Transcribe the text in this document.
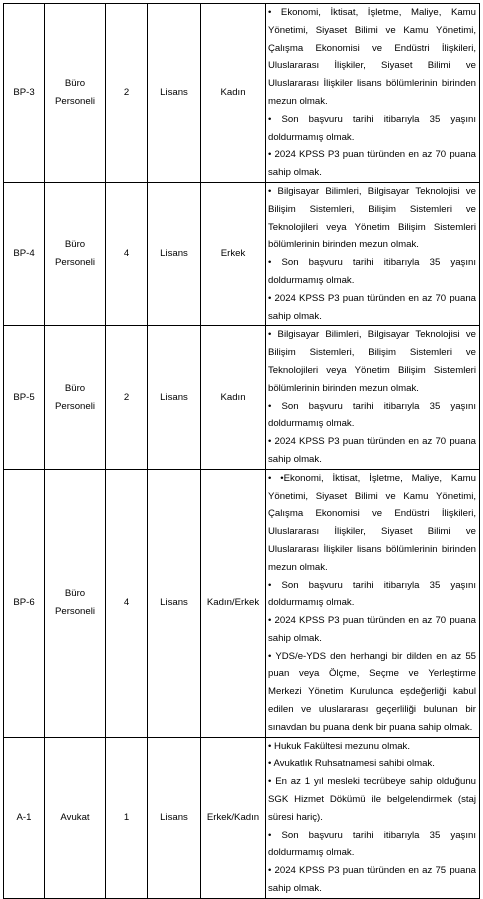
BP-3	Büro Personeli	2	Lisans	Kadın	• Ekonomi, İktisat, İşletme, Maliye, Kamu Yönetimi, Siyaset Bilimi ve Kamu Yönetimi, Çalışma Ekonomisi ve Endüstri İlişkileri, Uluslararası İlişkiler, Siyaset Bilimi ve Uluslararası İlişkiler lisans bölümlerinin birinden mezun olmak.
• Son başvuru tarihi itibarıyla 35 yaşını doldurmamış olmak.
• 2024 KPSS P3 puan türünden en az 70 puana sahip olmak.

BP-4	Büro Personeli	4	Lisans	Erkek	• Bilgisayar Bilimleri, Bilgisayar Teknolojisi ve Bilişim Sistemleri, Bilişim Sistemleri ve Teknolojileri veya Yönetim Bilişim Sistemleri bölümlerinin birinden mezun olmak.
• Son başvuru tarihi itibarıyla 35 yaşını doldurmamış olmak.
• 2024 KPSS P3 puan türünden en az 70 puana sahip olmak.

BP-5	Büro Personeli	2	Lisans	Kadın	• Bilgisayar Bilimleri, Bilgisayar Teknolojisi ve Bilişim Sistemleri, Bilişim Sistemleri ve Teknolojileri veya Yönetim Bilişim Sistemleri bölümlerinin birinden mezun olmak.
• Son başvuru tarihi itibarıyla 35 yaşını doldurmamış olmak.
• 2024 KPSS P3 puan türünden en az 70 puana sahip olmak.

BP-6	Büro Personeli	4	Lisans	Kadın/Erkek	• •Ekonomi, İktisat, İşletme, Maliye, Kamu Yönetimi, Siyaset Bilimi ve Kamu Yönetimi, Çalışma Ekonomisi ve Endüstri İlişkileri, Uluslararası İlişkiler, Siyaset Bilimi ve Uluslararası İlişkiler lisans bölümlerinin birinden mezun olmak.
• Son başvuru tarihi itibarıyla 35 yaşını doldurmamış olmak.
• 2024 KPSS P3 puan türünden en az 70 puana sahip olmak.
• YDS/e-YDS den herhangi bir dilden en az 55 puan veya Ölçme, Seçme ve Yerleştirme Merkezi Yönetim Kurulunca eşdeğerliği kabul edilen ve uluslararası geçerliliği bulunan bir sınavdan bu puana denk bir puana sahip olmak.

A-1	Avukat	1	Lisans	Erkek/Kadın	• Hukuk Fakültesi mezunu olmak.
• Avukatlık Ruhsatnamesi sahibi olmak.
• En az 1 yıl mesleki tecrübeye sahip olduğunu SGK Hizmet Dökümü ile belgelendirmek (staj süresi hariç).
• Son başvuru tarihi itibarıyla 35 yaşını doldurmamış olmak.
• 2024 KPSS P3 puan türünden en az 75 puana sahip olmak.
